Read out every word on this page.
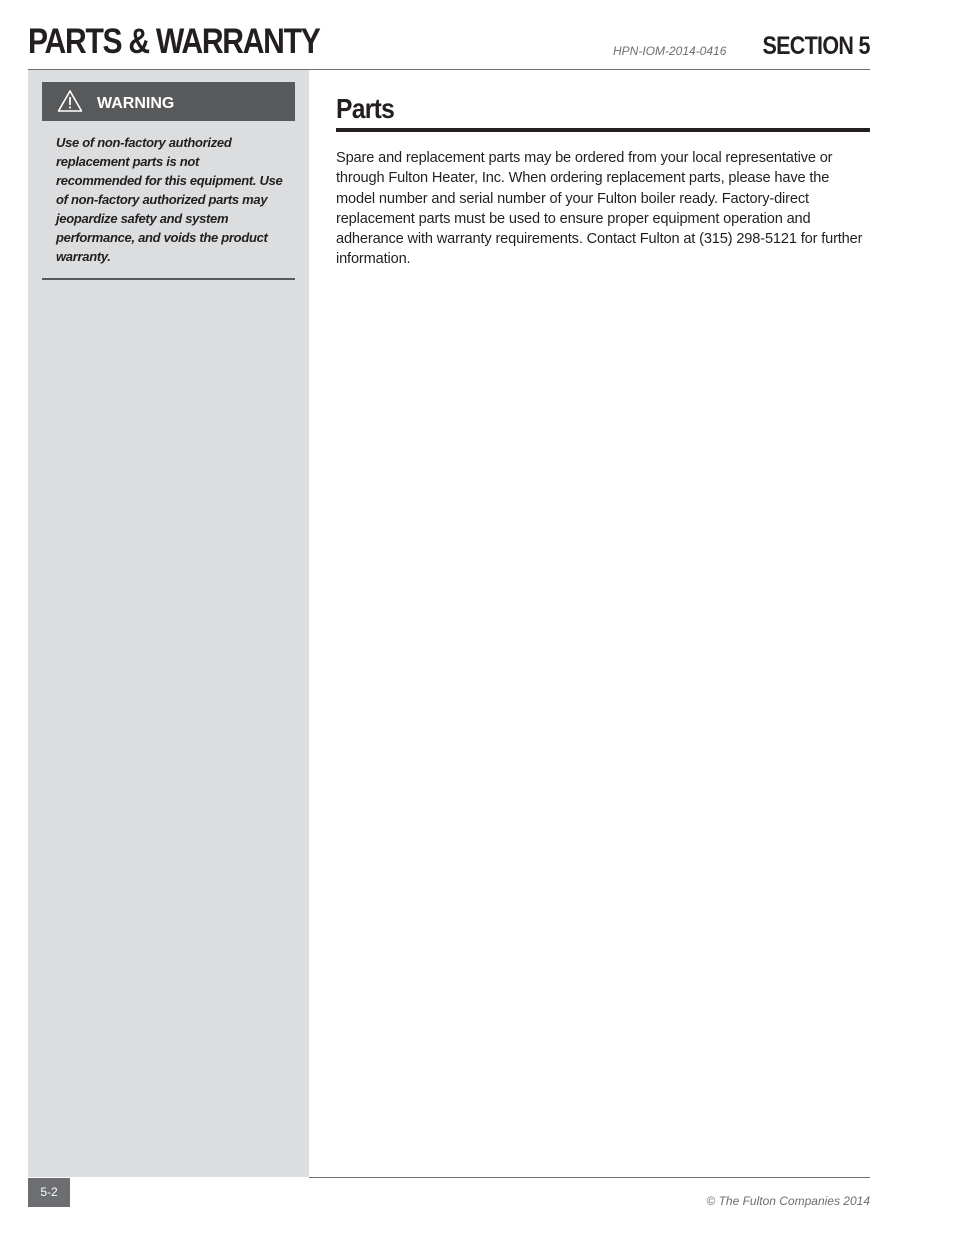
PARTS & WARRANTY	HPN-IOM-2014-0416 SECTION 5
WARNING
Use of non-factory authorized replacement parts is not recommended for this equipment. Use of non-factory authorized parts may jeopardize safety and system performance, and voids the product warranty.
Parts
Spare and replacement parts may be ordered from your local representative or through Fulton Heater, Inc. When ordering replacement parts, please have the model number and serial number of your Fulton boiler ready. Factory-direct replacement parts must be used to ensure proper equipment operation and adherance with warranty requirements. Contact Fulton at (315) 298-5121 for further information.
5-2
© The Fulton Companies 2014
